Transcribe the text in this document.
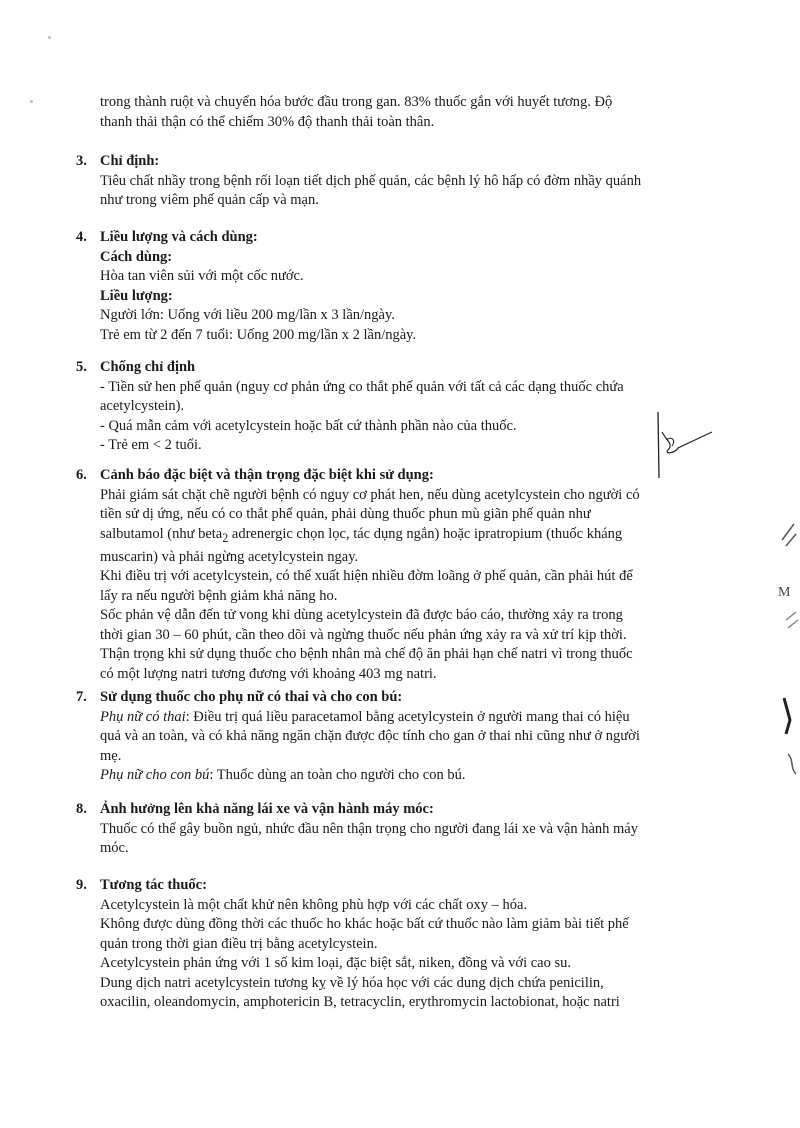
trong thành ruột và chuyển hóa bước đầu trong gan. 83% thuốc gắn với huyết tương. Độ

thanh thải thận có thể chiếm 30% độ thanh thải toàn thân.

3. Chỉ định:

Tiêu chất nhầy trong bệnh rối loạn tiết dịch phế quản, các bệnh lý hô hấp có đờm nhầy quánh

như trong viêm phế quản cấp và mạn.

4. Liều lượng và cách dùng:

Cách dùng:

Hòa tan viên sủi với một cốc nước.

Liều lượng:

Người lớn: Uống với liều 200 mg/lần x 3 lần/ngày.

Trẻ em từ 2 đến 7 tuổi: Uống 200 mg/lần x 2 lần/ngày.

5. Chống chỉ định

- Tiền sử hen phế quản (nguy cơ phản ứng co thắt phế quản với tất cả các dạng thuốc chứa

acetylcystein).

- Quá mẫn cảm với acetylcystein hoặc bất cứ thành phần nào của thuốc.

- Trẻ em < 2 tuổi.

6. Cảnh báo đặc biệt và thận trọng đặc biệt khi sử dụng:

Phải giám sát chặt chẽ người bệnh có nguy cơ phát hen, nếu dùng acetylcystein cho người có

tiền sử dị ứng, nếu có co thắt phế quản, phải dùng thuốc phun mù giãn phế quản như

salbutamol (như beta$_2$ adrenergic chọn lọc, tác dụng ngắn) hoặc ipratropium (thuốc kháng

muscarin) và phải ngừng acetylcystein ngay.

Khi điều trị với acetylcystein, có thể xuất hiện nhiều đờm loãng ở phế quản, cần phải hút để

lấy ra nếu người bệnh giảm khả năng ho.

Sốc phản vệ dẫn đến tử vong khi dùng acetylcystein đã được báo cáo, thường xảy ra trong

thời gian 30 – 60 phút, cần theo dõi và ngừng thuốc nếu phản ứng xảy ra và xử trí kịp thời.

Thận trọng khi sử dụng thuốc cho bệnh nhân mà chế độ ăn phải hạn chế natri vì trong thuốc

có một lượng natri tương đương với khoảng 403 mg natri.

7. Sử dụng thuốc cho phụ nữ có thai và cho con bú:

Phụ nữ có thai: Điều trị quá liều paracetamol bằng acetylcystein ở người mang thai có hiệu

quả và an toàn, và có khả năng ngăn chặn được độc tính cho gan ở thai nhi cũng như ở người

mẹ.

Phụ nữ cho con bú: Thuốc dùng an toàn cho người cho con bú.

8. Ảnh hưởng lên khả năng lái xe và vận hành máy móc:

Thuốc có thể gây buồn ngủ, nhức đầu nên thận trọng cho người đang lái xe và vận hành máy

móc.

9. Tương tác thuốc:

Acetylcystein là một chất khử nên không phù hợp với các chất oxy – hóa.

Không được dùng đồng thời các thuốc ho khác hoặc bất cứ thuốc nào làm giảm bài tiết phế

quản trong thời gian điều trị bằng acetylcystein.

Acetylcystein phản ứng với 1 số kim loại, đặc biệt sắt, niken, đồng và với cao su.

Dung dịch natri acetylcystein tương kỵ về lý hóa học với các dung dịch chứa penicilin,

oxacilin, oleandomycin, amphotericin B, tetracyclin, erythromycin lactobionat, hoặc natri

M
